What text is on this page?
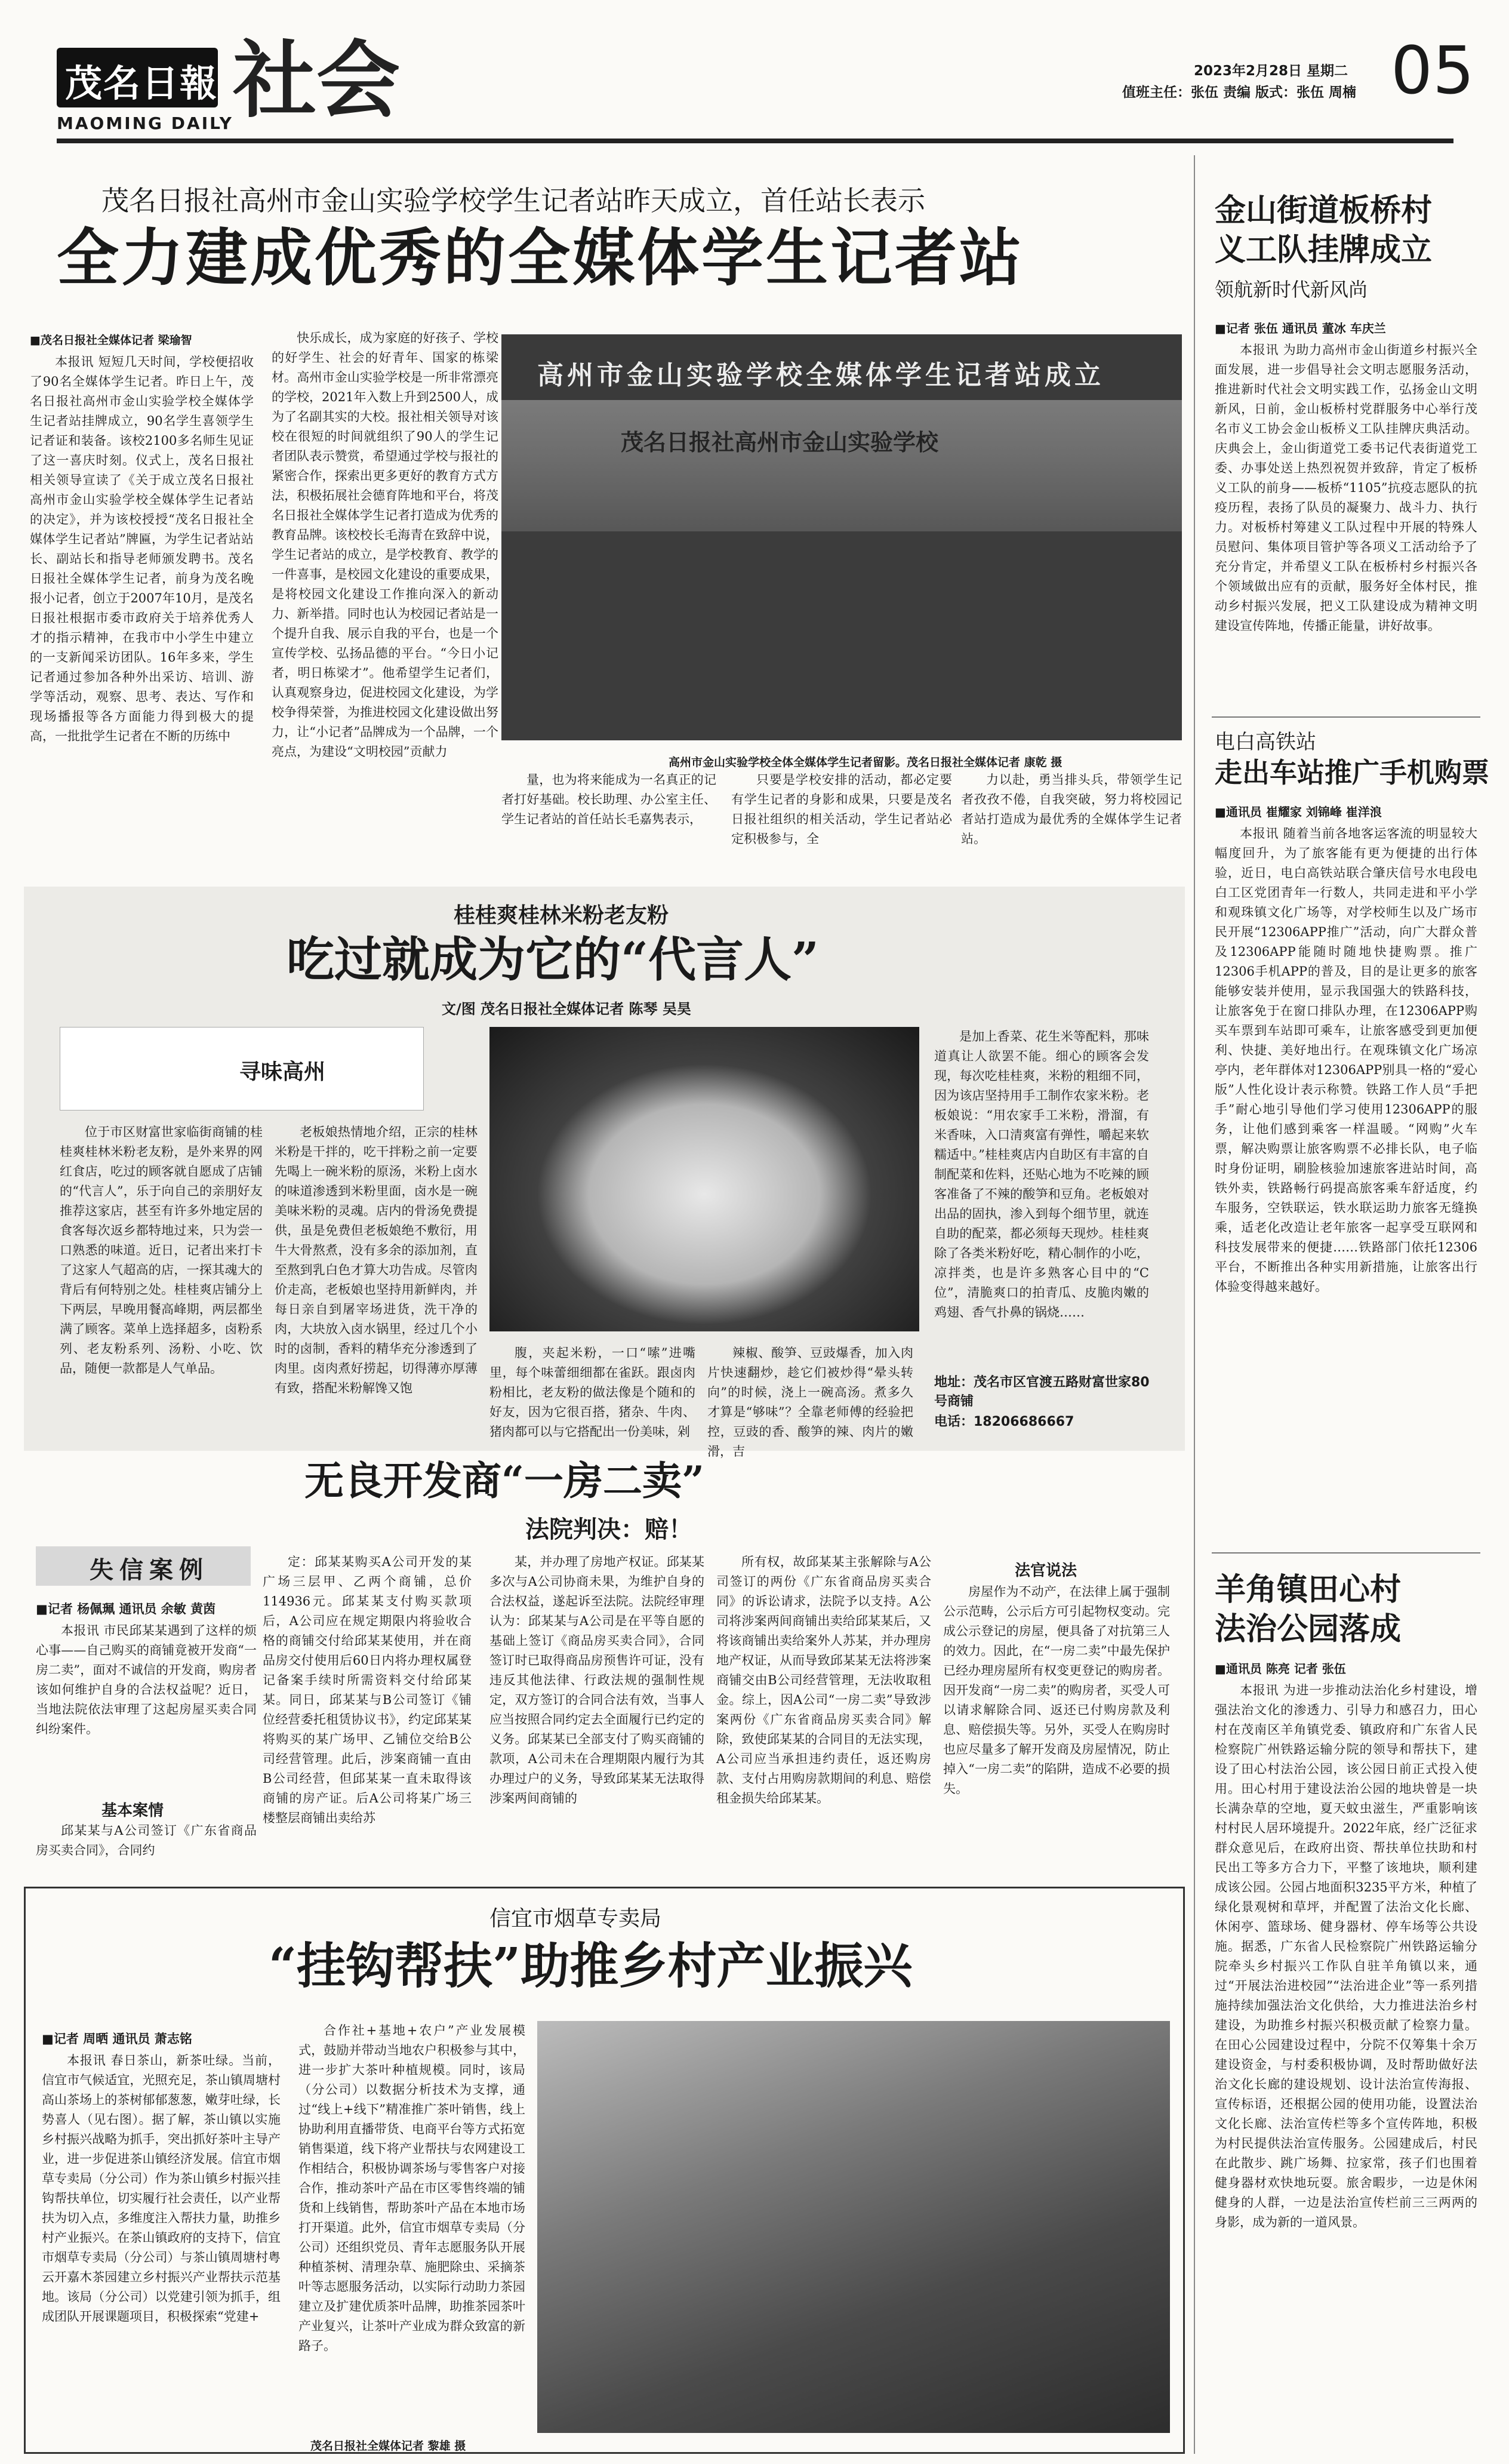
茂名日報
MAOMING DAILY 社会	2023年2月28日 星期二
值班主任：张伍 责编 版式：张伍 周楠 05
茂名日报社高州市金山实验学校学生记者站昨天成立，首任站长表示
全力建成优秀的全媒体学生记者站
■茂名日报社全媒体记者 梁瑜智
本报讯 短短几天时间，学校便招收了90名全媒体学生记者。昨日上午，茂名日报社高州市金山实验学校全媒体学生记者站挂牌成立，90名学生喜领学生记者证和装备。该校2100多名师生见证了这一喜庆时刻。仪式上，茂名日报社相关领导宣读了《关于成立茂名日报社高州市金山实验学校全媒体学生记者站的决定》，并为该校授授“茂名日报社全媒体学生记者站”牌匾，为学生记者站站长、副站长和指导老师颁发聘书。茂名日报社全媒体学生记者，前身为茂名晚报小记者，创立于2007年10月，是茂名日报社根据市委市政府关于培养优秀人才的指示精神，在我市中小学生中建立的一支新闻采访团队。16年多来，学生记者通过参加各种外出采访、培训、游学等活动，观察、思考、表达、写作和现场播报等各方面能力得到极大的提高，一批批学生记者在不断的历练中
快乐成长，成为家庭的好孩子、学校的好学生、社会的好青年、国家的栋梁材。高州市金山实验学校是一所非常漂亮的学校，2021年入数上升到2500人，成为了名副其实的大校。报社相关领导对该校在很短的时间就组织了90人的学生记者团队表示赞赏，希望通过学校与报社的紧密合作，探索出更多更好的教育方式方法，积极拓展社会德育阵地和平台，将茂名日报社全媒体学生记者打造成为优秀的教育品牌。该校校长毛海青在致辞中说，学生记者站的成立，是学校教育、教学的一件喜事，是校园文化建设的重要成果，是将校园文化建设工作推向深入的新动力、新举措。同时也认为校园记者站是一个提升自我、展示自我的平台，也是一个宣传学校、弘扬品德的平台。“今日小记者，明日栋梁才”。他希望学生记者们，认真观察身边，促进校园文化建设，为学校争得荣誉，为推进校园文化建设做出努力，让“小记者”品牌成为一个品牌，一个亮点，为建设“文明校园”贡献力
高州市金山实验学校全媒体学生记者站成立
茂名日报社高州市金山实验学校
高州市金山实验学校全体全媒体学生记者留影。茂名日报社全媒体记者 康乾 摄
量，也为将来能成为一名真正的记者打好基础。校长助理、办公室主任、学生记者站的首任站长毛嘉隽表示，
只要是学校安排的活动，都必定要有学生记者的身影和成果，只要是茂名日报社组织的相关活动，学生记者站必定积极参与，全
力以赴，勇当排头兵，带领学生记者孜孜不倦，自我突破，努力将校园记者站打造成为最优秀的全媒体学生记者站。
桂桂爽桂林米粉老友粉
吃过就成为它的“代言人”
文/图 茂名日报社全媒体记者 陈琴 吴昊
寻味高州
位于市区财富世家临街商铺的桂桂爽桂林米粉老友粉，是外来界的网红食店，吃过的顾客就自愿成了店铺的“代言人”，乐于向自己的亲朋好友推荐这家店，甚至有许多外地定居的食客每次返乡都特地过来，只为尝一口熟悉的味道。近日，记者出来打卡了这家人气超高的店，一探其魂大的背后有何特别之处。桂桂爽店铺分上下两层，早晚用餐高峰期，两层都坐满了顾客。菜单上选择超多，卤粉系列、老友粉系列、汤粉、小吃、饮品，随便一款都是人气单品。
老板娘热情地介绍，正宗的桂林米粉是干拌的，吃干拌粉之前一定要先喝上一碗米粉的原汤，米粉上卤水的味道渗透到米粉里面，卤水是一碗美味米粉的灵魂。店内的骨汤免费提供，虽是免费但老板娘绝不敷衍，用牛大骨熬煮，没有多余的添加剂，直至熬到乳白色才算大功告成。尽管肉价走高，老板娘也坚持用新鲜肉，并每日亲自到屠宰场进货，洗干净的肉，大块放入卤水锅里，经过几个小时的卤制，香料的精华充分渗透到了肉里。卤肉煮好捞起，切得薄亦厚薄有致，搭配米粉解馋又饱
腹，夹起米粉，一口“嗦”进嘴里，每个味蕾细细都在雀跃。跟卤肉粉相比，老友粉的做法像是个随和的好友，因为它很百搭，猪杂、牛肉、猪肉都可以与它搭配出一份美味，剁
辣椒、酸笋、豆豉爆香，加入肉片快速翻炒，趁它们被炒得“晕头转向”的时候，浇上一碗高汤。煮多久才算是“够味”？全靠老师傅的经验把控，豆豉的香、酸笋的辣、肉片的嫩滑，吉
是加上香菜、花生米等配料，那味道真让人欲罢不能。细心的顾客会发现，每次吃桂桂爽，米粉的粗细不同，因为该店坚持用手工制作农家米粉。老板娘说：“用农家手工米粉，滑溜，有米香味，入口清爽富有弹性，嚼起来软糯适中。”桂桂爽店内自助区有丰富的自制配菜和佐料，还贴心地为不吃辣的顾客准备了不辣的酸笋和豆角。老板娘对出品的固执，渗入到每个细节里，就连自助的配菜，都必须每天现炒。桂桂爽除了各类米粉好吃，精心制作的小吃，凉拌类，也是许多熟客心目中的“C位”，清脆爽口的拍青瓜、皮脆肉嫩的鸡翅、香气扑鼻的锅烧……
地址：茂名市区官渡五路财富世家80号商铺
电话：18206686667
无良开发商“一房二卖”
法院判决：赔！
失信案例
■记者 杨佩珮 通讯员 余敏 黄茵
本报讯 市民邱某某遇到了这样的烦心事——自己购买的商铺竟被开发商“一房二卖”，面对不诚信的开发商，购房者该如何维护自身的合法权益呢？近日，当地法院依法审理了这起房屋买卖合同纠纷案件。
基本案情
邱某某与A公司签订《广东省商品房买卖合同》，合同约
定：邱某某购买A公司开发的某广场三层甲、乙两个商铺，总价114936元。邱某某支付购买款项后，A公司应在规定期限内将验收合格的商铺交付给邱某某使用，并在商品房交付使用后60日内将办理权属登记备案手续时所需资料交付给邱某某。同日，邱某某与B公司签订《铺位经营委托租赁协议书》，约定邱某某将购买的某广场甲、乙铺位交给B公司经营管理。此后，涉案商铺一直由B公司经营，但邱某某一直未取得该商铺的房产证。后A公司将某广场三楼整层商铺出卖给苏
某，并办理了房地产权证。邱某某多次与A公司协商未果，为维护自身的合法权益，遂起诉至法院。法院经审理认为：邱某某与A公司是在平等自愿的基础上签订《商品房买卖合同》，合同签订时已取得商品房预售许可证，没有违反其他法律、行政法规的强制性规定，双方签订的合同合法有效，当事人应当按照合同约定去全面履行已约定的义务。邱某某已全部支付了购买商铺的款项，A公司未在合理期限内履行为其办理过户的义务，导致邱某某无法取得涉案两间商铺的
所有权，故邱某某主张解除与A公司签订的两份《广东省商品房买卖合同》的诉讼请求，法院予以支持。A公司将涉案两间商铺出卖给邱某某后，又将该商铺出卖给案外人苏某，并办理房地产权证，从而导致邱某某无法将涉案商铺交由B公司经营管理，无法收取租金。综上，因A公司“一房二卖”导致涉案两份《广东省商品房买卖合同》解除，致使邱某某的合同目的无法实现，A公司应当承担违约责任，返还购房款、支付占用购房款期间的利息、赔偿租金损失给邱某某。
法官说法
房屋作为不动产，在法律上属于强制公示范畴，公示后方可引起物权变动。完成公示登记的房屋，便具备了对抗第三人的效力。因此，在“一房二卖”中最先保护已经办理房屋所有权变更登记的购房者。因开发商“一房二卖”的购房者，买受人可以请求解除合同、返还已付购房款及利息、赔偿损失等。另外，买受人在购房时也应尽量多了解开发商及房屋情况，防止掉入“一房二卖”的陷阱，造成不必要的损失。
信宜市烟草专卖局
“挂钩帮扶”助推乡村产业振兴
■记者 周晒 通讯员 萧志铭
本报讯 春日茶山，新茶吐绿。当前，信宜市气候适宜，光照充足，茶山镇周塘村高山茶场上的茶树郁郁葱葱，嫩芽吐绿，长势喜人（见右图）。据了解，茶山镇以实施乡村振兴战略为抓手，突出抓好茶叶主导产业，进一步促进茶山镇经济发展。信宜市烟草专卖局（分公司）作为茶山镇乡村振兴挂钩帮扶单位，切实履行社会责任，以产业帮扶为切入点，多维度注入帮扶力量，助推乡村产业振兴。在茶山镇政府的支持下，信宜市烟草专卖局（分公司）与茶山镇周塘村粤云开嘉木茶园建立乡村振兴产业帮扶示范基地。该局（分公司）以党建引领为抓手，组成团队开展课题项目，积极探索“党建+
合作社+基地+农户”产业发展模式，鼓励并带动当地农户积极参与其中，进一步扩大茶叶种植规模。同时，该局（分公司）以数据分析技术为支撑，通过“线上+线下”精准推广茶叶销售，线上协助利用直播带货、电商平台等方式拓宽销售渠道，线下将产业帮扶与农网建设工作相结合，积极协调茶场与零售客户对接合作，推动茶叶产品在市区零售终端的铺货和上线销售，帮助茶叶产品在本地市场打开渠道。此外，信宜市烟草专卖局（分公司）还组织党员、青年志愿服务队开展种植茶树、清理杂草、施肥除虫、采摘茶叶等志愿服务活动，以实际行动助力茶园建立及扩建优质茶叶品牌，助推茶园茶叶产业复兴，让茶叶产业成为群众致富的新路子。
茂名日报社全媒体记者 黎雄 摄
金山街道板桥村
义工队挂牌成立
领航新时代新风尚
■记者 张伍 通讯员 董冰 车庆兰
本报讯 为助力高州市金山街道乡村振兴全面发展，进一步倡导社会文明志愿服务活动，推进新时代社会文明实践工作，弘扬金山文明新风，日前，金山板桥村党群服务中心举行茂名市义工协会金山板桥义工队挂牌庆典活动。庆典会上，金山街道党工委书记代表街道党工委、办事处送上热烈祝贺并致辞，肯定了板桥义工队的前身——板桥“1105”抗疫志愿队的抗疫历程，表扬了队员的凝聚力、战斗力、执行力。对板桥村筹建义工队过程中开展的特殊人员慰问、集体项目管护等各项义工活动给予了充分肯定，并希望义工队在板桥村乡村振兴各个领域做出应有的贡献，服务好全体村民，推动乡村振兴发展，把义工队建设成为精神文明建设宣传阵地，传播正能量，讲好故事。
电白高铁站
走出车站推广手机购票
■通讯员 崔耀家 刘锦峰 崔洋浪
本报讯 随着当前各地客运客流的明显较大幅度回升，为了旅客能有更为便捷的出行体验，近日，电白高铁站联合肇庆信号水电段电白工区党团青年一行数人，共同走进和平小学和观珠镇文化广场等，对学校师生以及广场市民开展“12306APP推广”活动，向广大群众普及12306APP能随时随地快捷购票。推广12306手机APP的普及，目的是让更多的旅客能够安装并使用，显示我国强大的铁路科技，让旅客免于在窗口排队办理，在12306APP购买车票到车站即可乘车，让旅客感受到更加便利、快捷、美好地出行。在观珠镇文化广场凉亭内，老年群体对12306APP别具一格的“爱心版”人性化设计表示称赞。铁路工作人员“手把手”耐心地引导他们学习使用12306APP的服务，让他们感到乘客一样温暖。“网购”火车票，解决购票让旅客购票不必排长队，电子临时身份证明，刷脸核验加速旅客进站时间，高铁外卖，铁路畅行码提高旅客乘车舒适度，约车服务，空铁联运，铁水联运助力旅客无缝换乘，适老化改造让老年旅客一起享受互联网和科技发展带来的便捷……铁路部门依托12306平台，不断推出各种实用新措施，让旅客出行体验变得越来越好。
羊角镇田心村
法治公园落成
■通讯员 陈亮 记者 张伍
本报讯 为进一步推动法治化乡村建设，增强法治文化的渗透力、引导力和感召力，田心村在茂南区羊角镇党委、镇政府和广东省人民检察院广州铁路运输分院的领导和帮扶下，建设了田心村法治公园，该公园日前正式投入使用。田心村用于建设法治公园的地块曾是一块长满杂草的空地，夏天蚊虫滋生，严重影响该村村民人居环境提升。2022年底，经广泛征求群众意见后，在政府出资、帮扶单位扶助和村民出工等多方合力下，平整了该地块，顺利建成该公园。公园占地面积3235平方米，种植了绿化景观树和草坪，并配置了法治文化长廊、休闲亭、篮球场、健身器材、停车场等公共设施。据悉，广东省人民检察院广州铁路运输分院牵头乡村振兴工作队自驻羊角镇以来，通过“开展法治进校园”“法治进企业”等一系列措施持续加强法治文化供给，大力推进法治乡村建设，为助推乡村振兴积极贡献了检察力量。在田心公园建设过程中，分院不仅筹集十余万建设资金，与村委积极协调，及时帮助做好法治文化长廊的建设规划、设计法治宣传海报、宣传标语，还根据公园的使用功能，设置法治文化长廊、法治宣传栏等多个宣传阵地，积极为村民提供法治宣传服务。公园建成后，村民在此散步、跳广场舞、拉家常，孩子们也围着健身器材欢快地玩耍。旅舍暇步，一边是休闲健身的人群，一边是法治宣传栏前三三两两的身影，成为新的一道风景。
